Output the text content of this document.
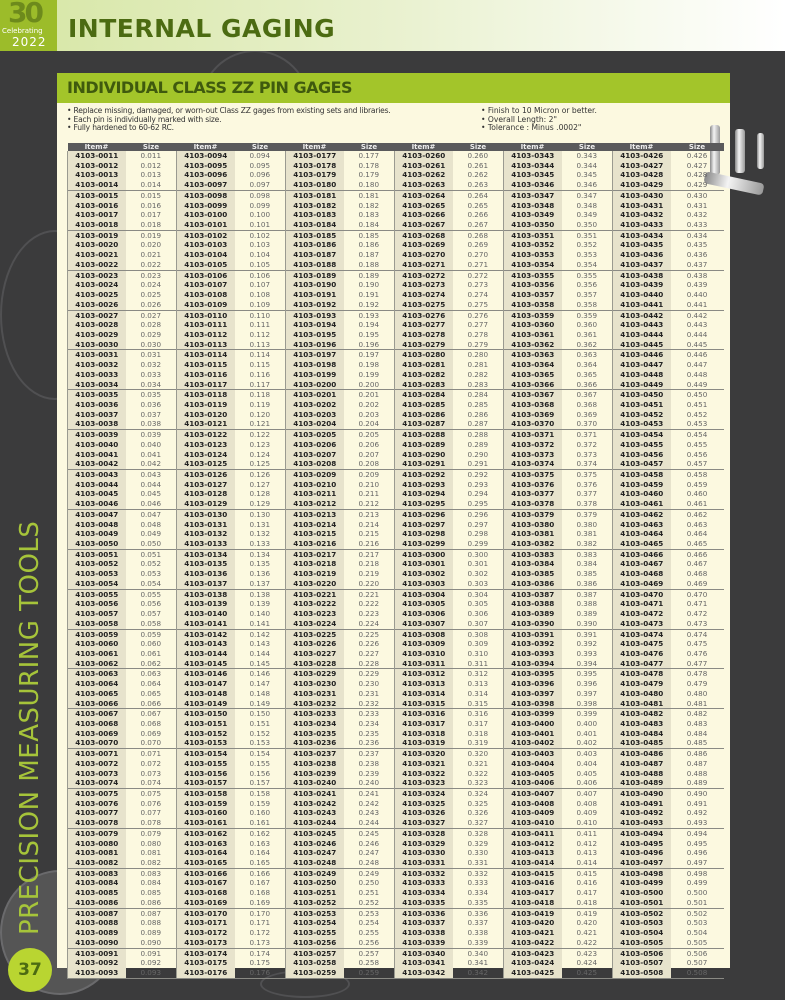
30
Celebrating
2022 INTERNAL GAGING
PRECISION MEASURING TOOLS
37
INDIVIDUAL CLASS ZZ PIN GAGES
• Replace missing, damaged, or worn-out Class ZZ gages from existing sets and libraries.
• Each pin is individually marked with size.
• Fully hardened to 60-62 RC.
• Finish to 10 Micron or better.
• Overall Length: 2"
• Tolerance : Minus .0002"
Item#	Size	Item#	Size	Item#	Size	Item#	Size	Item#	Size	Item#	Size
4103-0011	0.011	4103-0094	0.094	4103-0177	0.177	4103-0260	0.260	4103-0343	0.343	4103-0426	0.426
4103-0012	0.012	4103-0095	0.095	4103-0178	0.178	4103-0261	0.261	4103-0344	0.344	4103-0427	0.427
4103-0013	0.013	4103-0096	0.096	4103-0179	0.179	4103-0262	0.262	4103-0345	0.345	4103-0428	0.428
4103-0014	0.014	4103-0097	0.097	4103-0180	0.180	4103-0263	0.263	4103-0346	0.346	4103-0429	0.429
4103-0015	0.015	4103-0098	0.098	4103-0181	0.181	4103-0264	0.264	4103-0347	0.347	4103-0430	0.430
4103-0016	0.016	4103-0099	0.099	4103-0182	0.182	4103-0265	0.265	4103-0348	0.348	4103-0431	0.431
4103-0017	0.017	4103-0100	0.100	4103-0183	0.183	4103-0266	0.266	4103-0349	0.349	4103-0432	0.432
4103-0018	0.018	4103-0101	0.101	4103-0184	0.184	4103-0267	0.267	4103-0350	0.350	4103-0433	0.433
4103-0019	0.019	4103-0102	0.102	4103-0185	0.185	4103-0268	0.268	4103-0351	0.351	4103-0434	0.434
4103-0020	0.020	4103-0103	0.103	4103-0186	0.186	4103-0269	0.269	4103-0352	0.352	4103-0435	0.435
4103-0021	0.021	4103-0104	0.104	4103-0187	0.187	4103-0270	0.270	4103-0353	0.353	4103-0436	0.436
4103-0022	0.022	4103-0105	0.105	4103-0188	0.188	4103-0271	0.271	4103-0354	0.354	4103-0437	0.437
4103-0023	0.023	4103-0106	0.106	4103-0189	0.189	4103-0272	0.272	4103-0355	0.355	4103-0438	0.438
4103-0024	0.024	4103-0107	0.107	4103-0190	0.190	4103-0273	0.273	4103-0356	0.356	4103-0439	0.439
4103-0025	0.025	4103-0108	0.108	4103-0191	0.191	4103-0274	0.274	4103-0357	0.357	4103-0440	0.440
4103-0026	0.026	4103-0109	0.109	4103-0192	0.192	4103-0275	0.275	4103-0358	0.358	4103-0441	0.441
4103-0027	0.027	4103-0110	0.110	4103-0193	0.193	4103-0276	0.276	4103-0359	0.359	4103-0442	0.442
4103-0028	0.028	4103-0111	0.111	4103-0194	0.194	4103-0277	0.277	4103-0360	0.360	4103-0443	0.443
4103-0029	0.029	4103-0112	0.112	4103-0195	0.195	4103-0278	0.278	4103-0361	0.361	4103-0444	0.444
4103-0030	0.030	4103-0113	0.113	4103-0196	0.196	4103-0279	0.279	4103-0362	0.362	4103-0445	0.445
4103-0031	0.031	4103-0114	0.114	4103-0197	0.197	4103-0280	0.280	4103-0363	0.363	4103-0446	0.446
4103-0032	0.032	4103-0115	0.115	4103-0198	0.198	4103-0281	0.281	4103-0364	0.364	4103-0447	0.447
4103-0033	0.033	4103-0116	0.116	4103-0199	0.199	4103-0282	0.282	4103-0365	0.365	4103-0448	0.448
4103-0034	0.034	4103-0117	0.117	4103-0200	0.200	4103-0283	0.283	4103-0366	0.366	4103-0449	0.449
4103-0035	0.035	4103-0118	0.118	4103-0201	0.201	4103-0284	0.284	4103-0367	0.367	4103-0450	0.450
4103-0036	0.036	4103-0119	0.119	4103-0202	0.202	4103-0285	0.285	4103-0368	0.368	4103-0451	0.451
4103-0037	0.037	4103-0120	0.120	4103-0203	0.203	4103-0286	0.286	4103-0369	0.369	4103-0452	0.452
4103-0038	0.038	4103-0121	0.121	4103-0204	0.204	4103-0287	0.287	4103-0370	0.370	4103-0453	0.453
4103-0039	0.039	4103-0122	0.122	4103-0205	0.205	4103-0288	0.288	4103-0371	0.371	4103-0454	0.454
4103-0040	0.040	4103-0123	0.123	4103-0206	0.206	4103-0289	0.289	4103-0372	0.372	4103-0455	0.455
4103-0041	0.041	4103-0124	0.124	4103-0207	0.207	4103-0290	0.290	4103-0373	0.373	4103-0456	0.456
4103-0042	0.042	4103-0125	0.125	4103-0208	0.208	4103-0291	0.291	4103-0374	0.374	4103-0457	0.457
4103-0043	0.043	4103-0126	0.126	4103-0209	0.209	4103-0292	0.292	4103-0375	0.375	4103-0458	0.458
4103-0044	0.044	4103-0127	0.127	4103-0210	0.210	4103-0293	0.293	4103-0376	0.376	4103-0459	0.459
4103-0045	0.045	4103-0128	0.128	4103-0211	0.211	4103-0294	0.294	4103-0377	0.377	4103-0460	0.460
4103-0046	0.046	4103-0129	0.129	4103-0212	0.212	4103-0295	0.295	4103-0378	0.378	4103-0461	0.461
4103-0047	0.047	4103-0130	0.130	4103-0213	0.213	4103-0296	0.296	4103-0379	0.379	4103-0462	0.462
4103-0048	0.048	4103-0131	0.131	4103-0214	0.214	4103-0297	0.297	4103-0380	0.380	4103-0463	0.463
4103-0049	0.049	4103-0132	0.132	4103-0215	0.215	4103-0298	0.298	4103-0381	0.381	4103-0464	0.464
4103-0050	0.050	4103-0133	0.133	4103-0216	0.216	4103-0299	0.299	4103-0382	0.382	4103-0465	0.465
4103-0051	0.051	4103-0134	0.134	4103-0217	0.217	4103-0300	0.300	4103-0383	0.383	4103-0466	0.466
4103-0052	0.052	4103-0135	0.135	4103-0218	0.218	4103-0301	0.301	4103-0384	0.384	4103-0467	0.467
4103-0053	0.053	4103-0136	0.136	4103-0219	0.219	4103-0302	0.302	4103-0385	0.385	4103-0468	0.468
4103-0054	0.054	4103-0137	0.137	4103-0220	0.220	4103-0303	0.303	4103-0386	0.386	4103-0469	0.469
4103-0055	0.055	4103-0138	0.138	4103-0221	0.221	4103-0304	0.304	4103-0387	0.387	4103-0470	0.470
4103-0056	0.056	4103-0139	0.139	4103-0222	0.222	4103-0305	0.305	4103-0388	0.388	4103-0471	0.471
4103-0057	0.057	4103-0140	0.140	4103-0223	0.223	4103-0306	0.306	4103-0389	0.389	4103-0472	0.472
4103-0058	0.058	4103-0141	0.141	4103-0224	0.224	4103-0307	0.307	4103-0390	0.390	4103-0473	0.473
4103-0059	0.059	4103-0142	0.142	4103-0225	0.225	4103-0308	0.308	4103-0391	0.391	4103-0474	0.474
4103-0060	0.060	4103-0143	0.143	4103-0226	0.226	4103-0309	0.309	4103-0392	0.392	4103-0475	0.475
4103-0061	0.061	4103-0144	0.144	4103-0227	0.227	4103-0310	0.310	4103-0393	0.393	4103-0476	0.476
4103-0062	0.062	4103-0145	0.145	4103-0228	0.228	4103-0311	0.311	4103-0394	0.394	4103-0477	0.477
4103-0063	0.063	4103-0146	0.146	4103-0229	0.229	4103-0312	0.312	4103-0395	0.395	4103-0478	0.478
4103-0064	0.064	4103-0147	0.147	4103-0230	0.230	4103-0313	0.313	4103-0396	0.396	4103-0479	0.479
4103-0065	0.065	4103-0148	0.148	4103-0231	0.231	4103-0314	0.314	4103-0397	0.397	4103-0480	0.480
4103-0066	0.066	4103-0149	0.149	4103-0232	0.232	4103-0315	0.315	4103-0398	0.398	4103-0481	0.481
4103-0067	0.067	4103-0150	0.150	4103-0233	0.233	4103-0316	0.316	4103-0399	0.399	4103-0482	0.482
4103-0068	0.068	4103-0151	0.151	4103-0234	0.234	4103-0317	0.317	4103-0400	0.400	4103-0483	0.483
4103-0069	0.069	4103-0152	0.152	4103-0235	0.235	4103-0318	0.318	4103-0401	0.401	4103-0484	0.484
4103-0070	0.070	4103-0153	0.153	4103-0236	0.236	4103-0319	0.319	4103-0402	0.402	4103-0485	0.485
4103-0071	0.071	4103-0154	0.154	4103-0237	0.237	4103-0320	0.320	4103-0403	0.403	4103-0486	0.486
4103-0072	0.072	4103-0155	0.155	4103-0238	0.238	4103-0321	0.321	4103-0404	0.404	4103-0487	0.487
4103-0073	0.073	4103-0156	0.156	4103-0239	0.239	4103-0322	0.322	4103-0405	0.405	4103-0488	0.488
4103-0074	0.074	4103-0157	0.157	4103-0240	0.240	4103-0323	0.323	4103-0406	0.406	4103-0489	0.489
4103-0075	0.075	4103-0158	0.158	4103-0241	0.241	4103-0324	0.324	4103-0407	0.407	4103-0490	0.490
4103-0076	0.076	4103-0159	0.159	4103-0242	0.242	4103-0325	0.325	4103-0408	0.408	4103-0491	0.491
4103-0077	0.077	4103-0160	0.160	4103-0243	0.243	4103-0326	0.326	4103-0409	0.409	4103-0492	0.492
4103-0078	0.078	4103-0161	0.161	4103-0244	0.244	4103-0327	0.327	4103-0410	0.410	4103-0493	0.493
4103-0079	0.079	4103-0162	0.162	4103-0245	0.245	4103-0328	0.328	4103-0411	0.411	4103-0494	0.494
4103-0080	0.080	4103-0163	0.163	4103-0246	0.246	4103-0329	0.329	4103-0412	0.412	4103-0495	0.495
4103-0081	0.081	4103-0164	0.164	4103-0247	0.247	4103-0330	0.330	4103-0413	0.413	4103-0496	0.496
4103-0082	0.082	4103-0165	0.165	4103-0248	0.248	4103-0331	0.331	4103-0414	0.414	4103-0497	0.497
4103-0083	0.083	4103-0166	0.166	4103-0249	0.249	4103-0332	0.332	4103-0415	0.415	4103-0498	0.498
4103-0084	0.084	4103-0167	0.167	4103-0250	0.250	4103-0333	0.333	4103-0416	0.416	4103-0499	0.499
4103-0085	0.085	4103-0168	0.168	4103-0251	0.251	4103-0334	0.334	4103-0417	0.417	4103-0500	0.500
4103-0086	0.086	4103-0169	0.169	4103-0252	0.252	4103-0335	0.335	4103-0418	0.418	4103-0501	0.501
4103-0087	0.087	4103-0170	0.170	4103-0253	0.253	4103-0336	0.336	4103-0419	0.419	4103-0502	0.502
4103-0088	0.088	4103-0171	0.171	4103-0254	0.254	4103-0337	0.337	4103-0420	0.420	4103-0503	0.503
4103-0089	0.089	4103-0172	0.172	4103-0255	0.255	4103-0338	0.338	4103-0421	0.421	4103-0504	0.504
4103-0090	0.090	4103-0173	0.173	4103-0256	0.256	4103-0339	0.339	4103-0422	0.422	4103-0505	0.505
4103-0091	0.091	4103-0174	0.174	4103-0257	0.257	4103-0340	0.340	4103-0423	0.423	4103-0506	0.506
4103-0092	0.092	4103-0175	0.175	4103-0258	0.258	4103-0341	0.341	4103-0424	0.424	4103-0507	0.507
4103-0093	0.093	4103-0176	0.176	4103-0259	0.259	4103-0342	0.342	4103-0425	0.425	4103-0508	0.508
